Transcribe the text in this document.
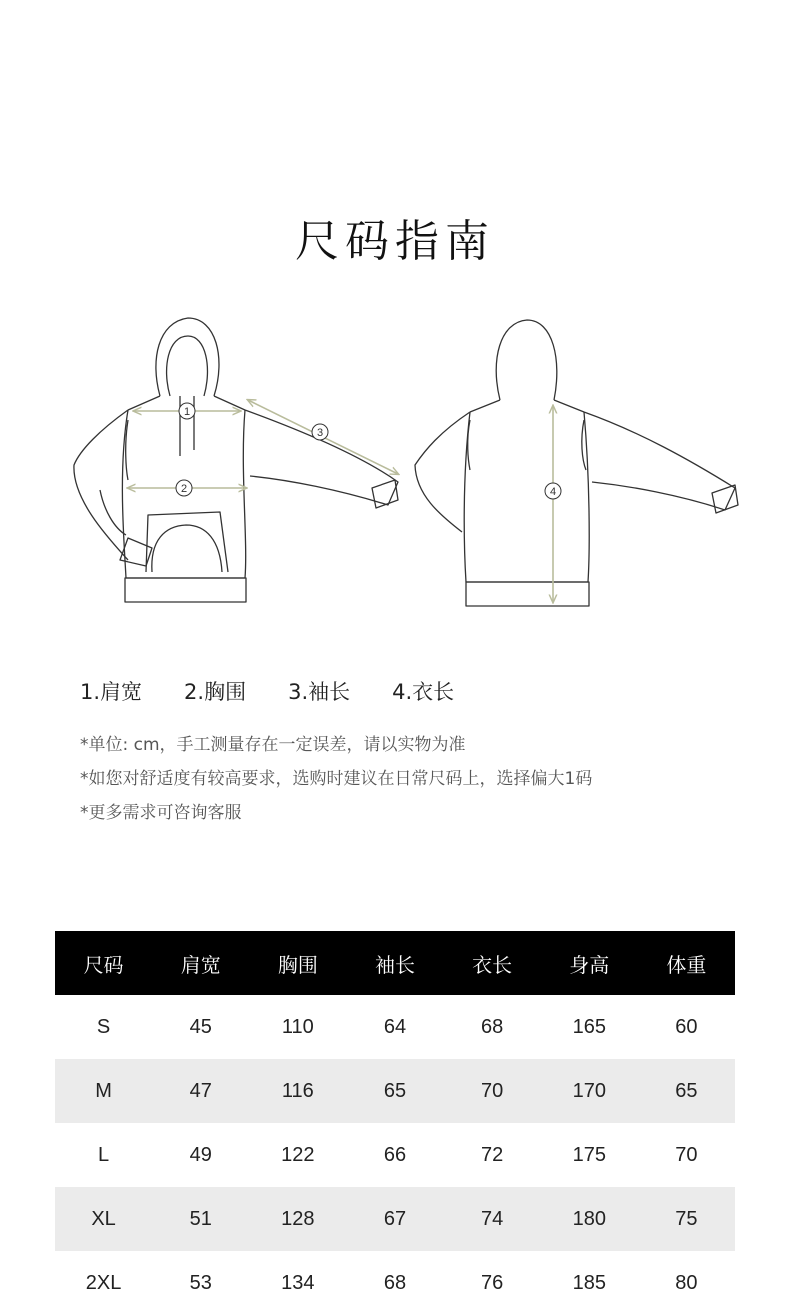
尺码指南
1
2
3
4
1.肩宽 2.胸围 3.袖长 4.衣长
*单位: cm，手工测量存在一定误差，请以实物为准
*如您对舒适度有较高要求，选购时建议在日常尺码上，选择偏大1码
*更多需求可咨询客服
尺码	肩宽	胸围	袖长	衣长	身高	体重
S	45	110	64	68	165	60
M	47	116	65	70	170	65
L	49	122	66	72	175	70
XL	51	128	67	74	180	75
2XL	53	134	68	76	185	80
